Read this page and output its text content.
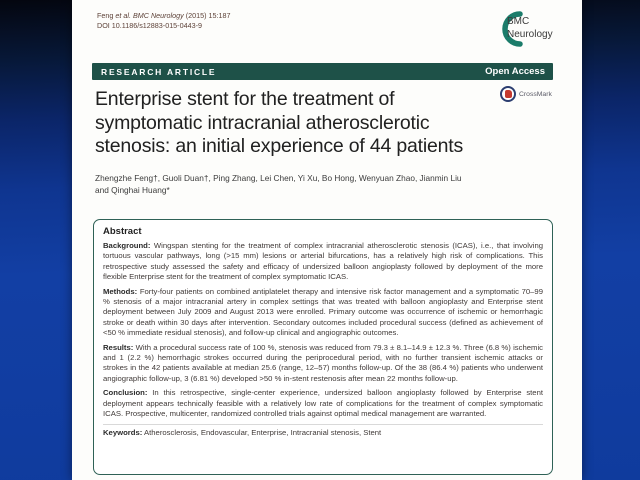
Feng et al. BMC Neurology (2015) 15:187
DOI 10.1186/s12883-015-0443-9	BMC
Neurology
RESEARCH ARTICLE	Open Access
CrossMark
Enterprise stent for the treatment of
symptomatic intracranial atherosclerotic
stenosis: an initial experience of 44 patients
Zhengzhe Feng†, Guoli Duan†, Ping Zhang, Lei Chen, Yi Xu, Bo Hong, Wenyuan Zhao, Jianmin Liu
and Qinghai Huang*
Abstract

Background: Wingspan stenting for the treatment of complex intracranial atherosclerotic stenosis (ICAS), i.e., that involving tortuous vascular pathways, long (>15 mm) lesions or arterial bifurcations, has a relatively high risk of complications. This retrospective study assessed the safety and efficacy of undersized balloon angioplasty followed by deployment of the more flexible Enterprise stent for the treatment of complex symptomatic ICAS.

Methods: Forty-four patients on combined antiplatelet therapy and intensive risk factor management and a symptomatic 70–99 % stenosis of a major intracranial artery in complex settings that was treated with balloon angioplasty and Enterprise stent deployment between July 2009 and August 2013 were enrolled. Primary outcome was occurrence of ischemic or hemorrhagic stroke or death within 30 days after intervention. Secondary outcomes included procedural success (defined as achievement of <50 % immediate residual stenosis), and follow-up clinical and angiographic outcomes.

Results: With a procedural success rate of 100 %, stenosis was reduced from 79.3 ± 8.1–14.9 ± 12.3 %. Three (6.8 %) ischemic and 1 (2.2 %) hemorrhagic strokes occurred during the periprocedural period, with no further transient ischemic attacks or strokes in the 42 patients available at median 25.6 (range, 12–57) months follow-up. Of the 38 (86.4 %) patients who underwent angiographic follow-up, 3 (6.81 %) developed >50 % in-stent restenosis after mean 22 months follow-up.

Conclusion: In this retrospective, single-center experience, undersized balloon angioplasty followed by Enterprise stent deployment appears technically feasible with a relatively low rate of complications for the treatment of complex symptomatic ICAS. Prospective, multicenter, randomized controlled trials against optimal medical management are warranted.

Keywords: Atherosclerosis, Endovascular, Enterprise, Intracranial stenosis, Stent
